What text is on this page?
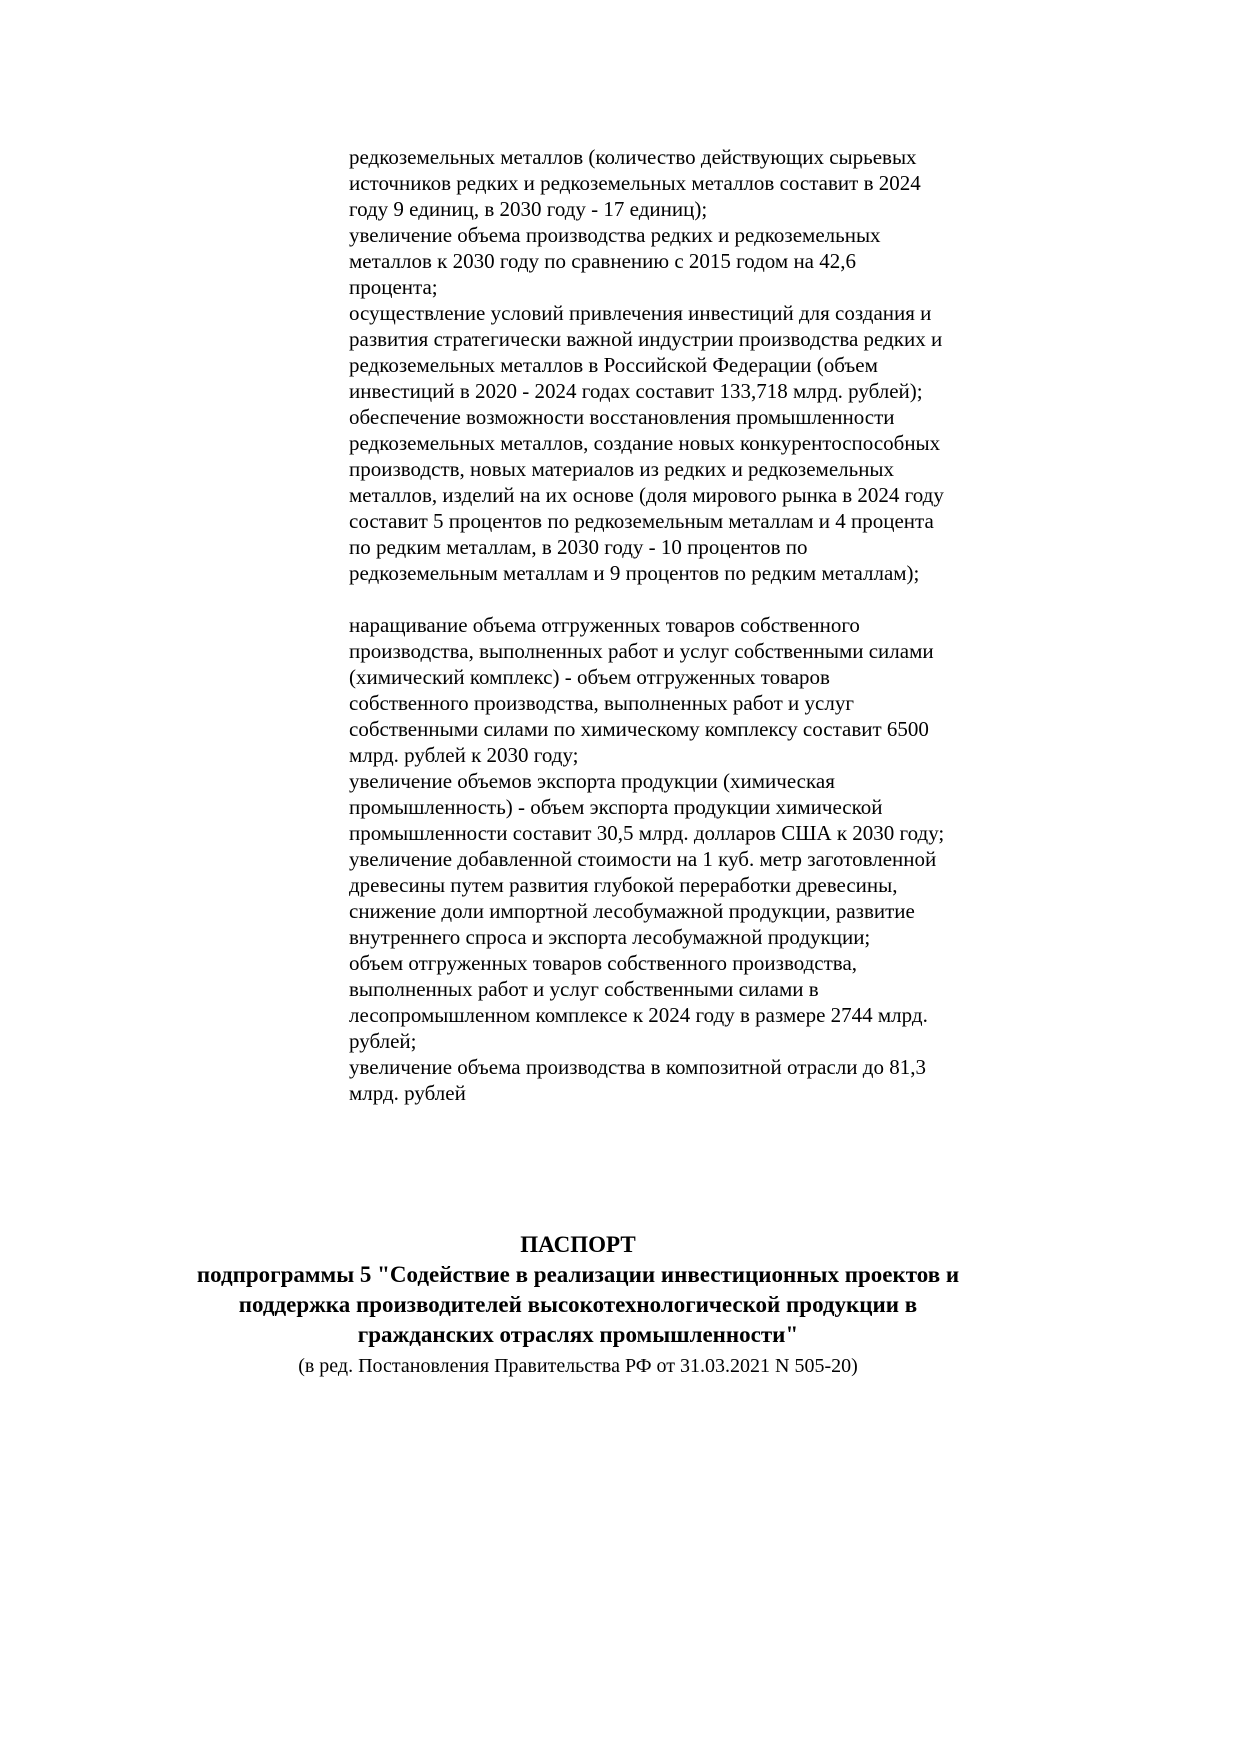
редкоземельных металлов (количество действующих сырьевых источников редких и редкоземельных металлов составит в 2024 году 9 единиц, в 2030 году - 17 единиц);

увеличение объема производства редких и редкоземельных металлов к 2030 году по сравнению с 2015 годом на 42,6 процента;

осуществление условий привлечения инвестиций для создания и развития стратегически важной индустрии производства редких и редкоземельных металлов в Российской Федерации (объем инвестиций в 2020 - 2024 годах составит 133,718 млрд. рублей);

обеспечение возможности восстановления промышленности редкоземельных металлов, создание новых конкурентоспособных производств, новых материалов из редких и редкоземельных металлов, изделий на их основе (доля мирового рынка в 2024 году составит 5 процентов по редкоземельным металлам и 4 процента по редким металлам, в 2030 году - 10 процентов по редкоземельным металлам и 9 процентов по редким металлам);

наращивание объема отгруженных товаров собственного производства, выполненных работ и услуг собственными силами (химический комплекс) - объем отгруженных товаров собственного производства, выполненных работ и услуг собственными силами по химическому комплексу составит 6500 млрд. рублей к 2030 году;

увеличение объемов экспорта продукции (химическая промышленность) - объем экспорта продукции химической промышленности составит 30,5 млрд. долларов США к 2030 году;

увеличение добавленной стоимости на 1 куб. метр заготовленной древесины путем развития глубокой переработки древесины, снижение доли импортной лесобумажной продукции, развитие внутреннего спроса и экспорта лесобумажной продукции;

объем отгруженных товаров собственного производства, выполненных работ и услуг собственными силами в лесопромышленном комплексе к 2024 году в размере 2744 млрд. рублей;

увеличение объема производства в композитной отрасли до 81,3 млрд. рублей

ПАСПОРТ
подпрограммы 5 "Содействие в реализации инвестиционных проектов и поддержка производителей высокотехнологической продукции в гражданских отраслях промышленности"
(в ред. Постановления Правительства РФ от 31.03.2021 N 505-20)
